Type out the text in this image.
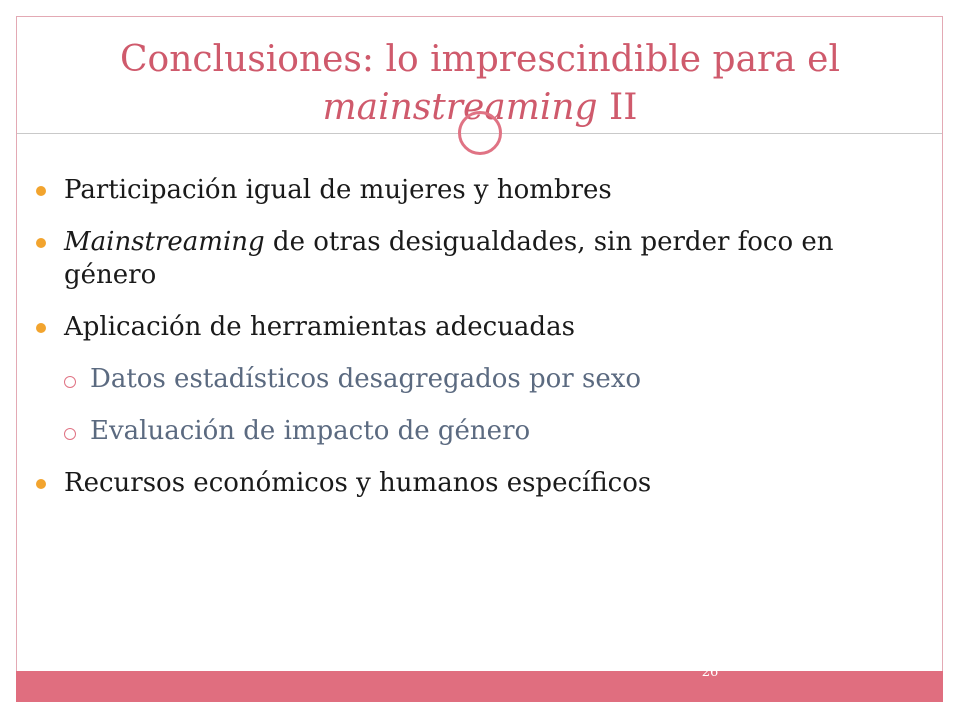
Conclusiones: lo imprescindible para el
mainstreaming II
Participación igual de mujeres y hombres
Mainstreaming de otras desigualdades, sin perder foco en género
Aplicación de herramientas adecuadas
Datos estadísticos desagregados por sexo
Evaluación de impacto de género
Recursos económicos y humanos específicos
26
